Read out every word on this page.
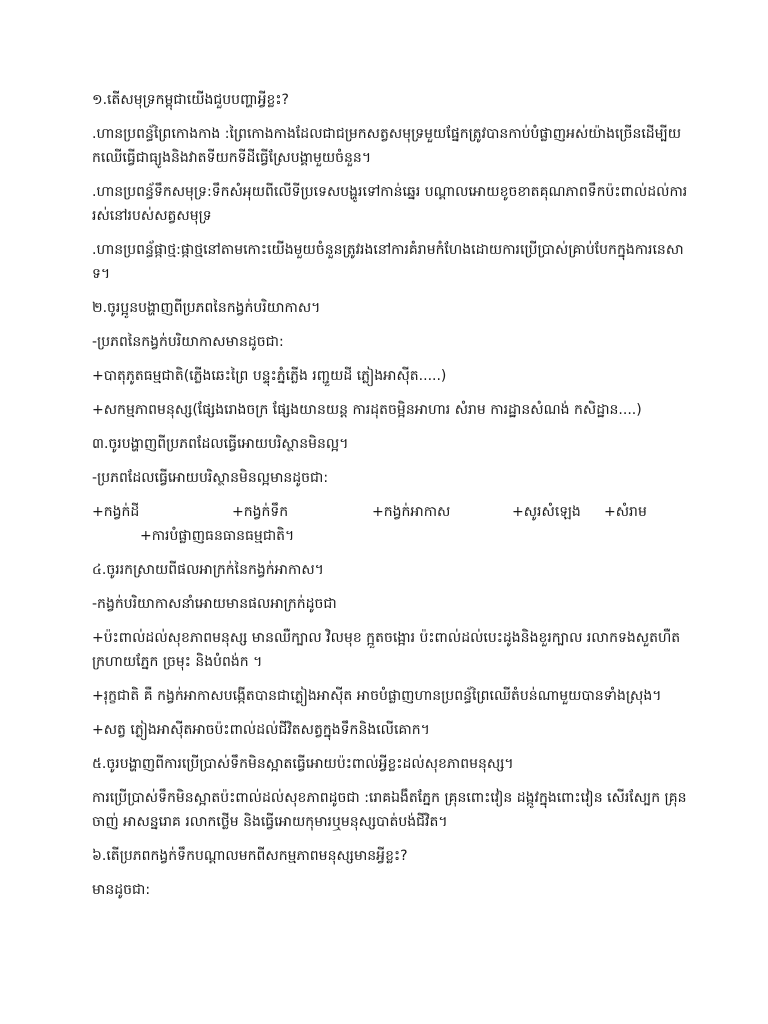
១.តើសមុទ្រកម្ពុជាយើងជួបបញ្ហាអ្វីខ្លះ?

.ហានប្រពន្ធ័ព្រៃកោងកាង :ព្រៃកោងកាងដែលជាជម្រកសត្វសមុទ្រមួយផ្នែកត្រូវបានកាប់បំផ្លាញអស់យ៉ាងច្រើនដើម្បីយកឈើធ្វើជាធ្យូងនិងវាតទីយកទីដីធ្វើស្រែបង្គាមួយចំនួន។

.ហានប្រពន្ធ័ទឹកសមុទ្រ:ទឹកសំអុយពីលើទីប្រទេសបង្ហូរទៅកាន់ឆ្នេរ បណ្តាលអោយខូចខាតគុណភាពទឹកប៉ះពាល់ដល់ការរស់នៅរបស់សត្វសមុទ្រ

.ហានប្រពន្ធ័ផ្កាថ្ម:ផ្កាថ្មនៅតាមកោះយើងមួយចំនួនត្រូវរងនៅការគំរាមកំហែងដោយការប្រើប្រាស់គ្រាប់បែកក្នុងការនេសាទ។

២.ចូរប្អូនបង្ហាញពីប្រភពនៃកង្វក់បរិយាកាស។

-ប្រភពនៃកង្វក់បរិយាកាសមានដូចជា:

+បាតុភូតធម្មជាតិ(ភ្លើងឆេះព្រៃ បន្ទុះភ្នំភ្លើង រញ្ជួយដី ភ្លៀងអាស៊ីត.....)

+សកម្មភាពមនុស្ស(ផ្សែងរោងចក្រ ផ្សែងយានយន្ត ការដុតចម្អិនអាហារ សំរាម ការដ្ឋានសំណង់ កសិដ្ឋាន....)

៣.ចូរបង្ហាញពីប្រភពដែលធ្វើអោយបរិស្ថានមិនល្អ។

-ប្រភពដែលធ្វើអោយបរិស្ថានមិនល្អមានដូចជា:

+កង្វក់ដី	+កង្វក់ទឹក	+កង្វក់អាកាស	+សូរសំឡេង	+សំរាម
+ការបំផ្លាញធនធានធម្មជាតិ។

៤.ចូររកស្រាយពីផលអាក្រក់នៃកង្វក់អាកាស។

-កង្វក់បរិយាកាសនាំអោយមានផលអាក្រក់ដូចជា

+ប៉ះពាល់ដល់សុខភាពមនុស្ស មានឈឺក្បាល វិលមុខ ក្អួតចង្អោរ ប៉ះពាល់ដល់បេះដូងនិងខួរក្បាល រលាកទងសួតហឺតក្រហាយភ្នែក ច្រមុះ និងបំពង់ក ។

+រុក្ខជាតិ គឺ កង្វក់អាកាសបង្កើតបានជាភ្លៀងអាស៊ីត អាចបំផ្លាញហានប្រពន្ធ័ព្រៃឈើតំបន់ណាមួយបានទាំងស្រុង។

+សត្វ ភ្លៀងអាស៊ីតអាចប៉ះពាល់ដល់ជីវិតសត្វក្នុងទឹកនិងលើគោក។

៥.ចូរបង្ហាញពីការប្រើប្រាស់ទឹកមិនស្អាតធ្វើអោយប៉ះពាល់អ្វីខ្លះដល់សុខភាពមនុស្ស។

ការប្រើប្រាស់ទឹកមិនស្អាតប៉ះពាល់ដល់សុខភាពដូចជា :រោគឯងឹតភ្នែក គ្រុនពោះវៀន ដង្កូវក្នុងពោះវៀន សើរស្បែក គ្រុនចាញ់ អាសន្នរោគ រលាកថ្លើម និងធ្វើអោយកុមារឬមនុស្សបាត់បង់ជីវិត។

៦.តើប្រភពកង្វក់ទឹកបណ្តាលមកពីសកម្មភាពមនុស្សមានអ្វីខ្លះ?

មានដូចជា:
